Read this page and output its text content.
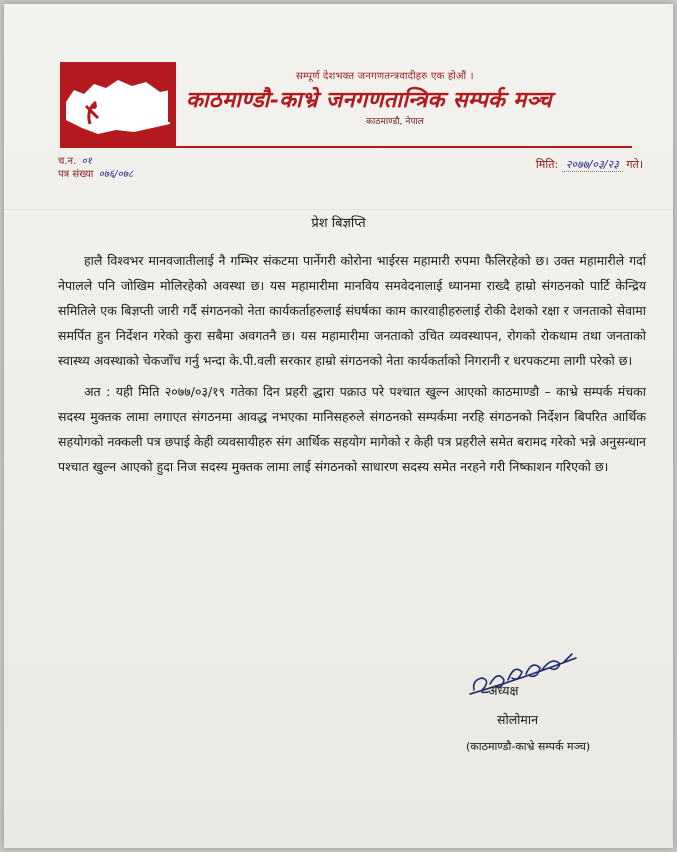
सम्पूर्ण देशभक्त जनगणतन्त्रवादीहरु एक होऔं ।
काठमाण्डौ-काभ्रे जनगणतान्त्रिक सम्पर्क मञ्च
काठमाण्डौ, नेपाल
च.न. ०१
पत्र संख्या ०७६/०७८
मिति: २०७७/०३/२३ गते।
प्रेश बिज्ञप्ति

हालै विश्वभर मानवजातीलाई नै गम्भिर संकटमा पार्नेगरी कोरोना भाईरस महामारी रुपमा फैलिरहेको छ। उक्त महामारीले गर्दा नेपालले पनि जोखिम मोलिरहेको अवस्था छ। यस महामारीमा मानविय समवेदनालाई ध्यानमा राख्दै हाम्रो संगठनको पार्टि केन्द्रिय समितिले एक बिज्ञप्ती जारी गर्दै संगठनको नेता कार्यकर्ताहरुलाई संघर्षका काम कारवाहीहरुलाई रोकी देशको रक्षा र जनताको सेवामा समर्पित हुन निर्देशन गरेको कुरा सबैमा अवगतनै छ। यस महामारीमा जनताको उचित व्यवस्थापन, रोगको रोकथाम तथा जनताको स्वास्थ्य अवस्थाको चेकजाँच गर्नु भन्दा के.पी.वली सरकार हाम्रो संगठनको नेता कार्यकर्ताको निगरानी र धरपकटमा लागी परेको छ।

अत : यही मिति २०७७/०३/१९ गतेका दिन प्रहरी द्धारा पक्राउ परे पश्चात खुल्न आएको काठमाण्डौ – काभ्रे सम्पर्क मंचका सदस्य मुक्तक लामा लगाएत संगठनमा आवद्ध नभएका मानिसहरुले संगठनको सम्पर्कमा नरहि संगठनको निर्देशन बिपरित आर्थिक सहयोगको नक्कली पत्र छपाई केही व्यवसायीहरु संग आर्थिक सहयोग मागेको र केही पत्र प्रहरीले समेत बरामद गरेको भन्ने अनुसन्धान पश्चात खुल्न आएको हुदा निज सदस्य मुक्तक लामा लाई संगठनको साधारण सदस्य समेत नरहने गरी निष्काशन गरिएको छ।

अध्यक्ष
सोलोमान
(काठमाण्डौ-काभ्रे सम्पर्क मञ्च)
